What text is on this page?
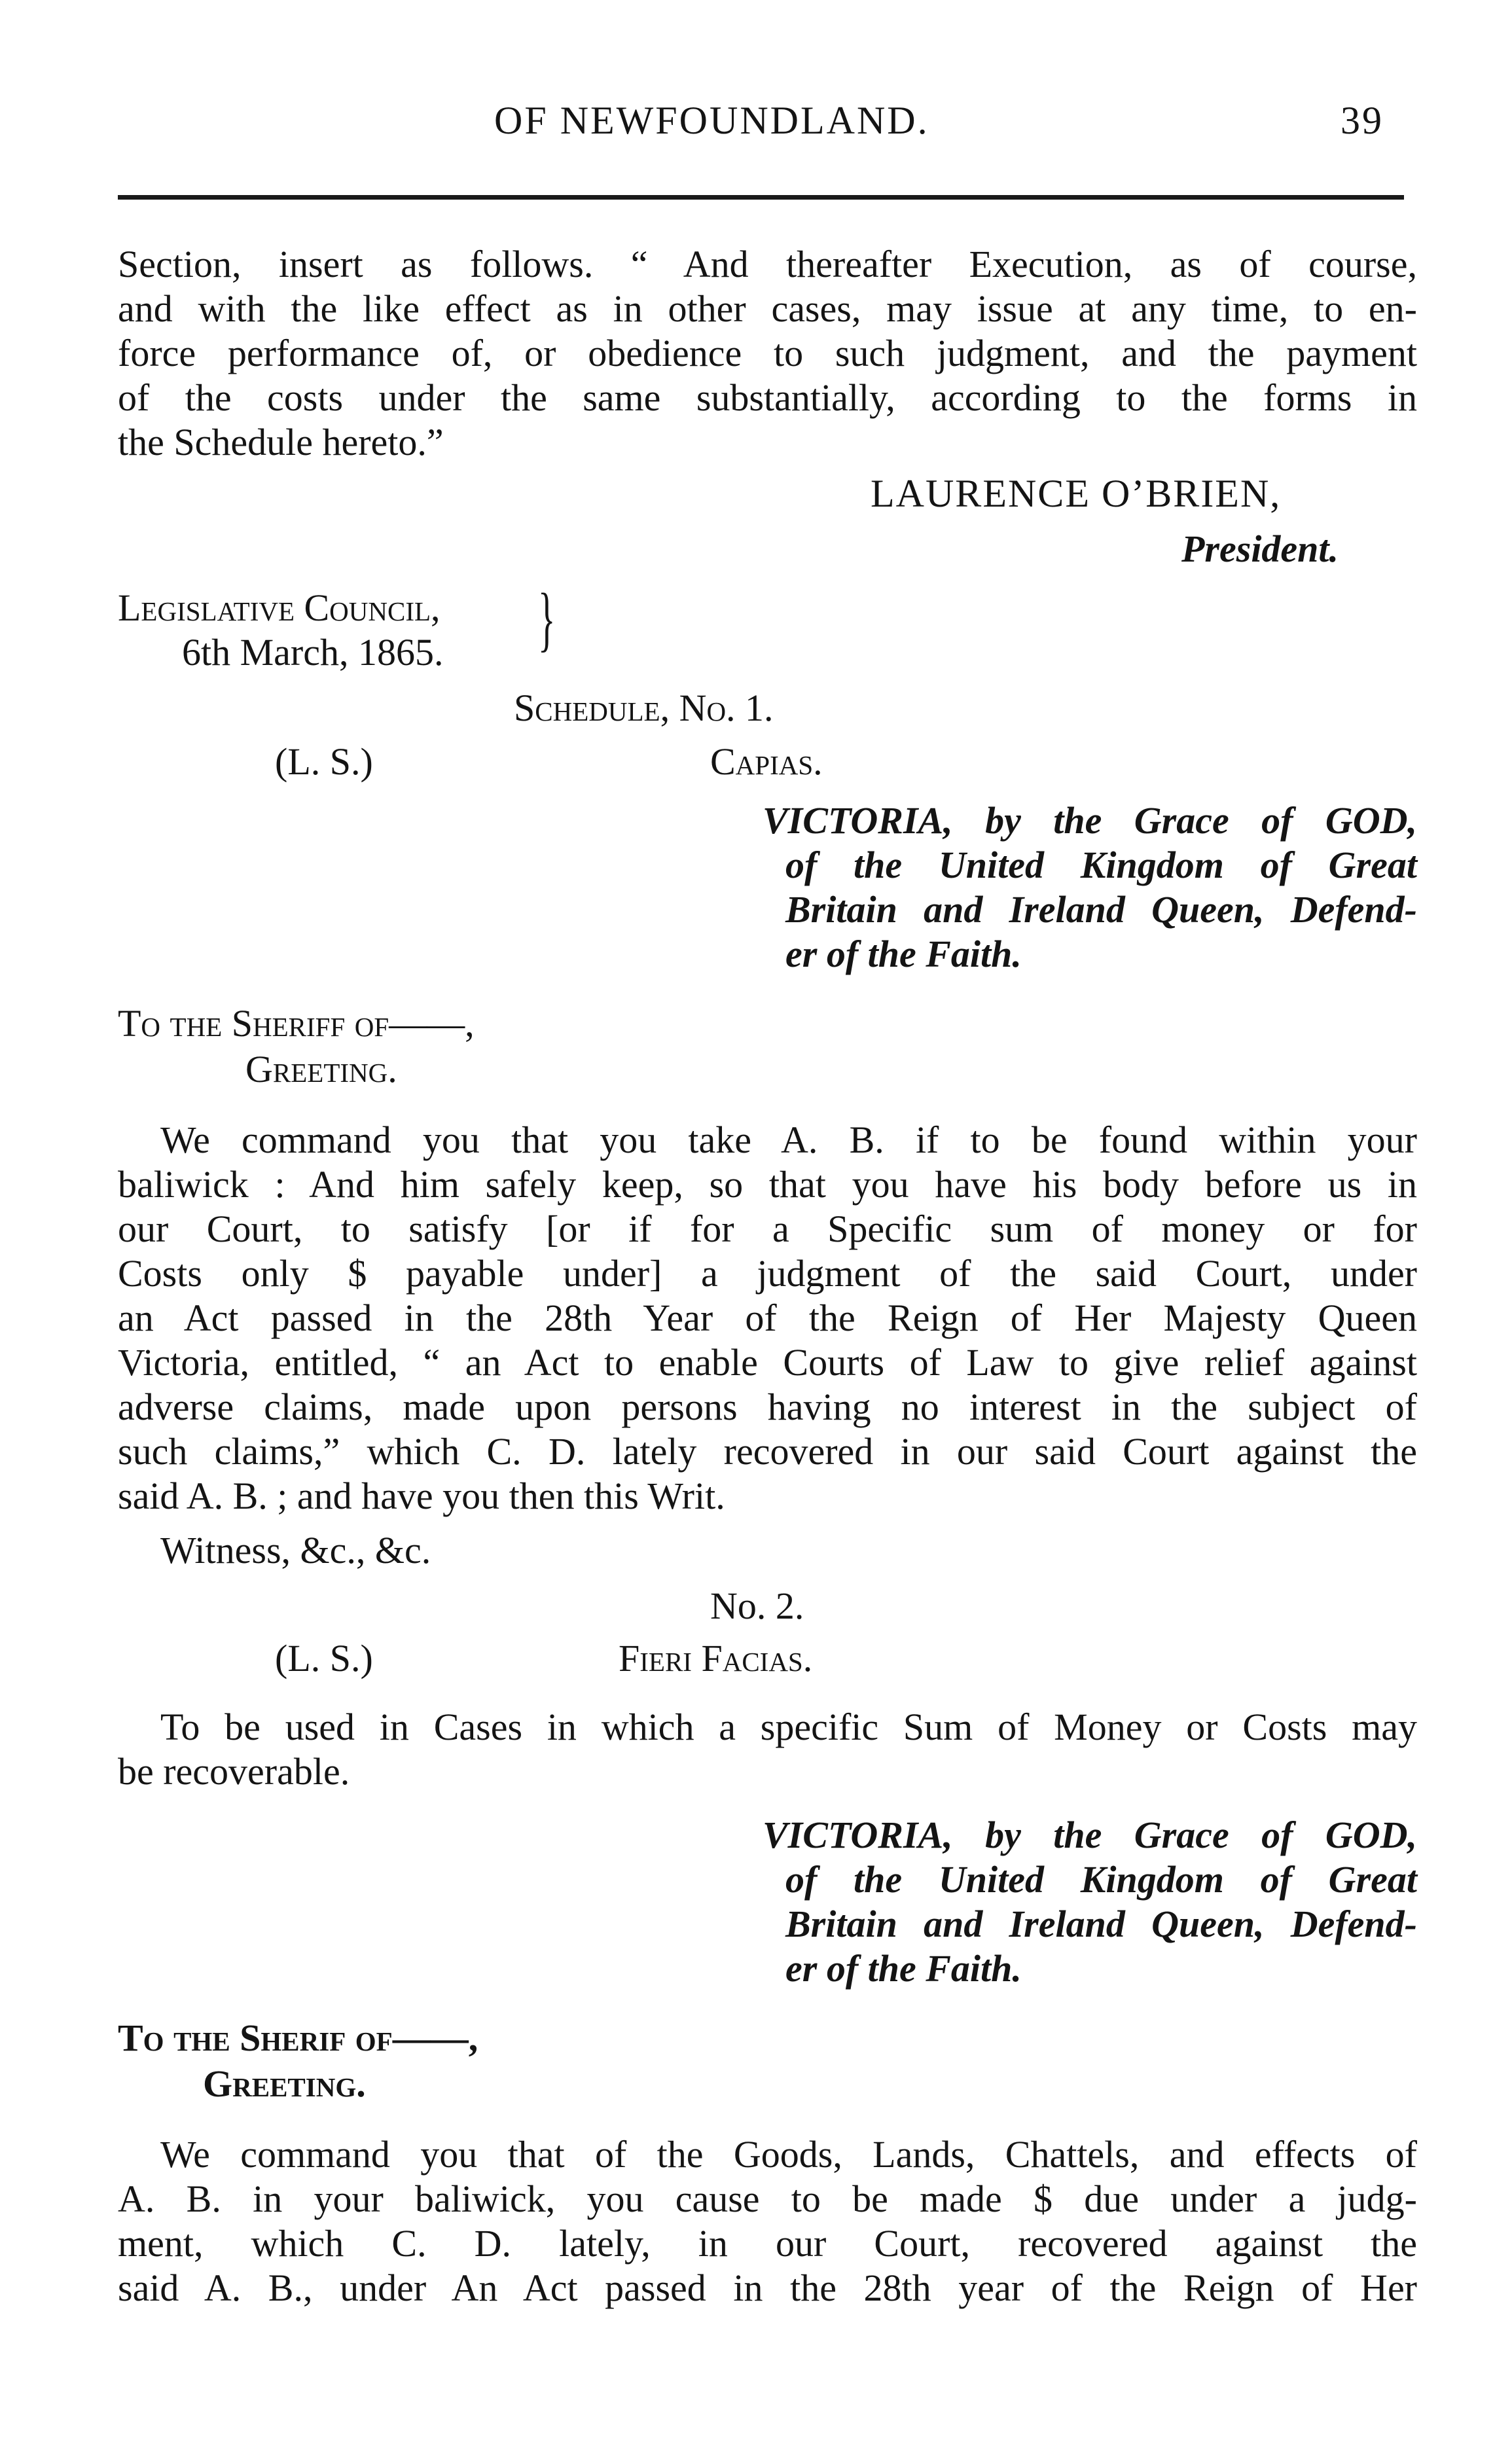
OF NEWFOUNDLAND.	39
Section, insert as follows. “ And thereafter Execution, as of course,
and with the like effect as in other cases, may issue at any time, to en-
force performance of, or obedience to such judgment, and the payment
of the costs under the same substantially, according to the forms in
the Schedule hereto.”
LAURENCE O’BRIEN,
President.
Legislative Council,
6th March, 1865. }
Schedule, No. 1.
(L. S.)	Capias.
VICTORIA, by the Grace of GOD,
of the United Kingdom of Great
Britain and Ireland Queen, Defend-
er of the Faith.
To the Sheriff of——,
Greeting.
We command you that you take A. B. if to be found within your
baliwick : And him safely keep, so that you have his body before us in
our Court, to satisfy [or if for a Specific sum of money or for
Costs only $ payable under] a judgment of the said Court, under
an Act passed in the 28th Year of the Reign of Her Majesty Queen
Victoria, entitled, “ an Act to enable Courts of Law to give relief against
adverse claims, made upon persons having no interest in the subject of
such claims,” which C. D. lately recovered in our said Court against the
said A. B. ; and have you then this Writ.
Witness, &c., &c.
No. 2.
(L. S.)	Fieri Facias.
To be used in Cases in which a specific Sum of Money or Costs may
be recoverable.
VICTORIA, by the Grace of GOD,
of the United Kingdom of Great
Britain and Ireland Queen, Defend-
er of the Faith.
To the Sherif of——,
Greeting.
We command you that of the Goods, Lands, Chattels, and effects of
A. B. in your baliwick, you cause to be made $ due under a judg-
ment, which C. D. lately, in our Court, recovered against the
said A. B., under An Act passed in the 28th year of the Reign of Her
